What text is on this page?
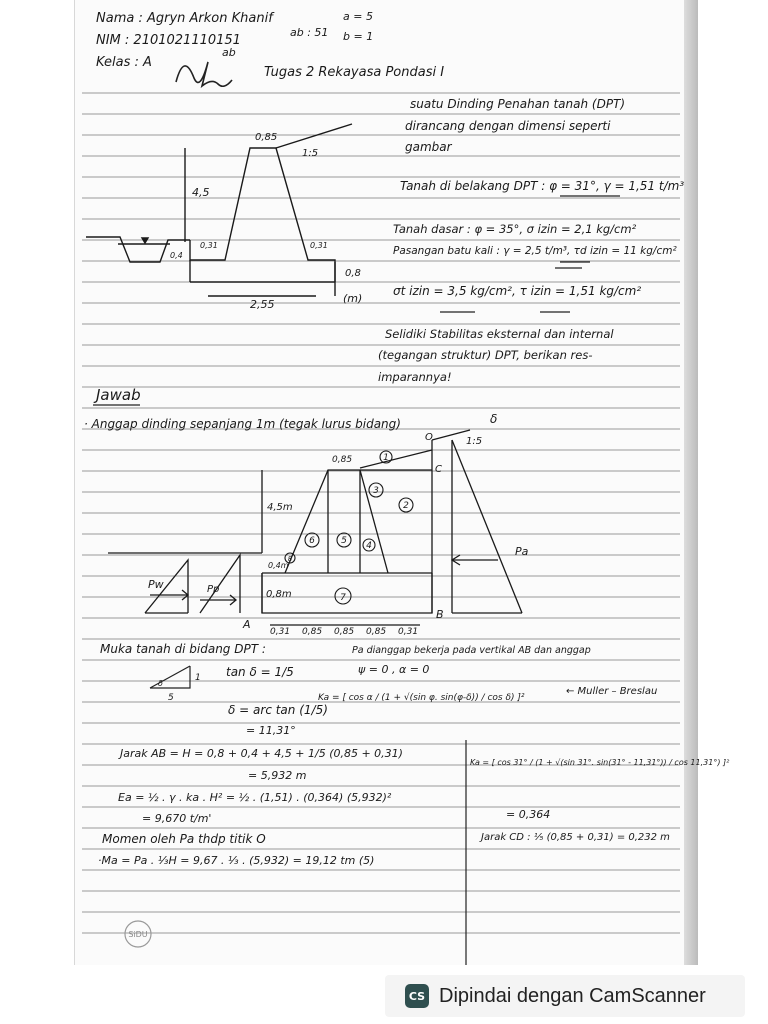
Nama : Agryn Arkon Khanif
NIM : 2101021110151
Kelas : A
ab : 51
a = 5
b = 1
ab
Tugas 2 Rekayasa Pondasi I
suatu Dinding Penahan tanah (DPT)
dirancang dengan dimensi seperti
gambar
Tanah di belakang DPT : φ = 31°, γ = 1,51 t/m³
Tanah dasar : φ = 35°, σ izin = 2,1 kg/cm²
Pasangan batu kali : γ = 2,5 t/m³, τd izin = 11 kg/cm²
σt izin = 3,5 kg/cm², τ izin = 1,51 kg/cm²
Selidiki Stabilitas eksternal dan internal
(tegangan struktur) DPT, berikan res-
imparannya!
0,85
1:5
4,5
0,4
0,31	0,31
0,8
2,55	(m)
Jawab
· Anggap dinding sepanjang 1m (tegak lurus bidang)	δ
1
2
3
4
5
6
7
8
O
C
A
B
1:5
0,85
4,5m
0,4m
0,8m
0,31 0,85 0,85 0,85 0,31
Pa
Pw	Pp
Muka tanah di bidang DPT :
1
5
δ
tan δ = 1/5
δ = arc tan (1/5)
= 11,31°
Pa dianggap bekerja pada vertikal AB dan anggap
ψ = 0 , α = 0
Ka = [ cos α / (1 + √(sin φ. sin(φ-δ)) / cos δ) ]²
← Muller – Breslau
Jarak AB = H = 0,8 + 0,4 + 4,5 + 1/5 (0,85 + 0,31)
= 5,932 m
Ea = ½ . γ . ka . H² = ½ . (1,51) . (0,364) (5,932)²
= 9,670 t/m'
Ka = [ cos 31° / (1 + √(sin 31°. sin(31° - 11,31°)) / cos 11,31°) ]²
= 0,364
Momen oleh Pa thdp titik O
·Ma = Pa . ⅓H = 9,67 . ⅓ . (5,932) = 19,12 tm (5)
Jarak CD : ⅕ (0,85 + 0,31) = 0,232 m
SiDU
CS Dipindai dengan CamScanner
